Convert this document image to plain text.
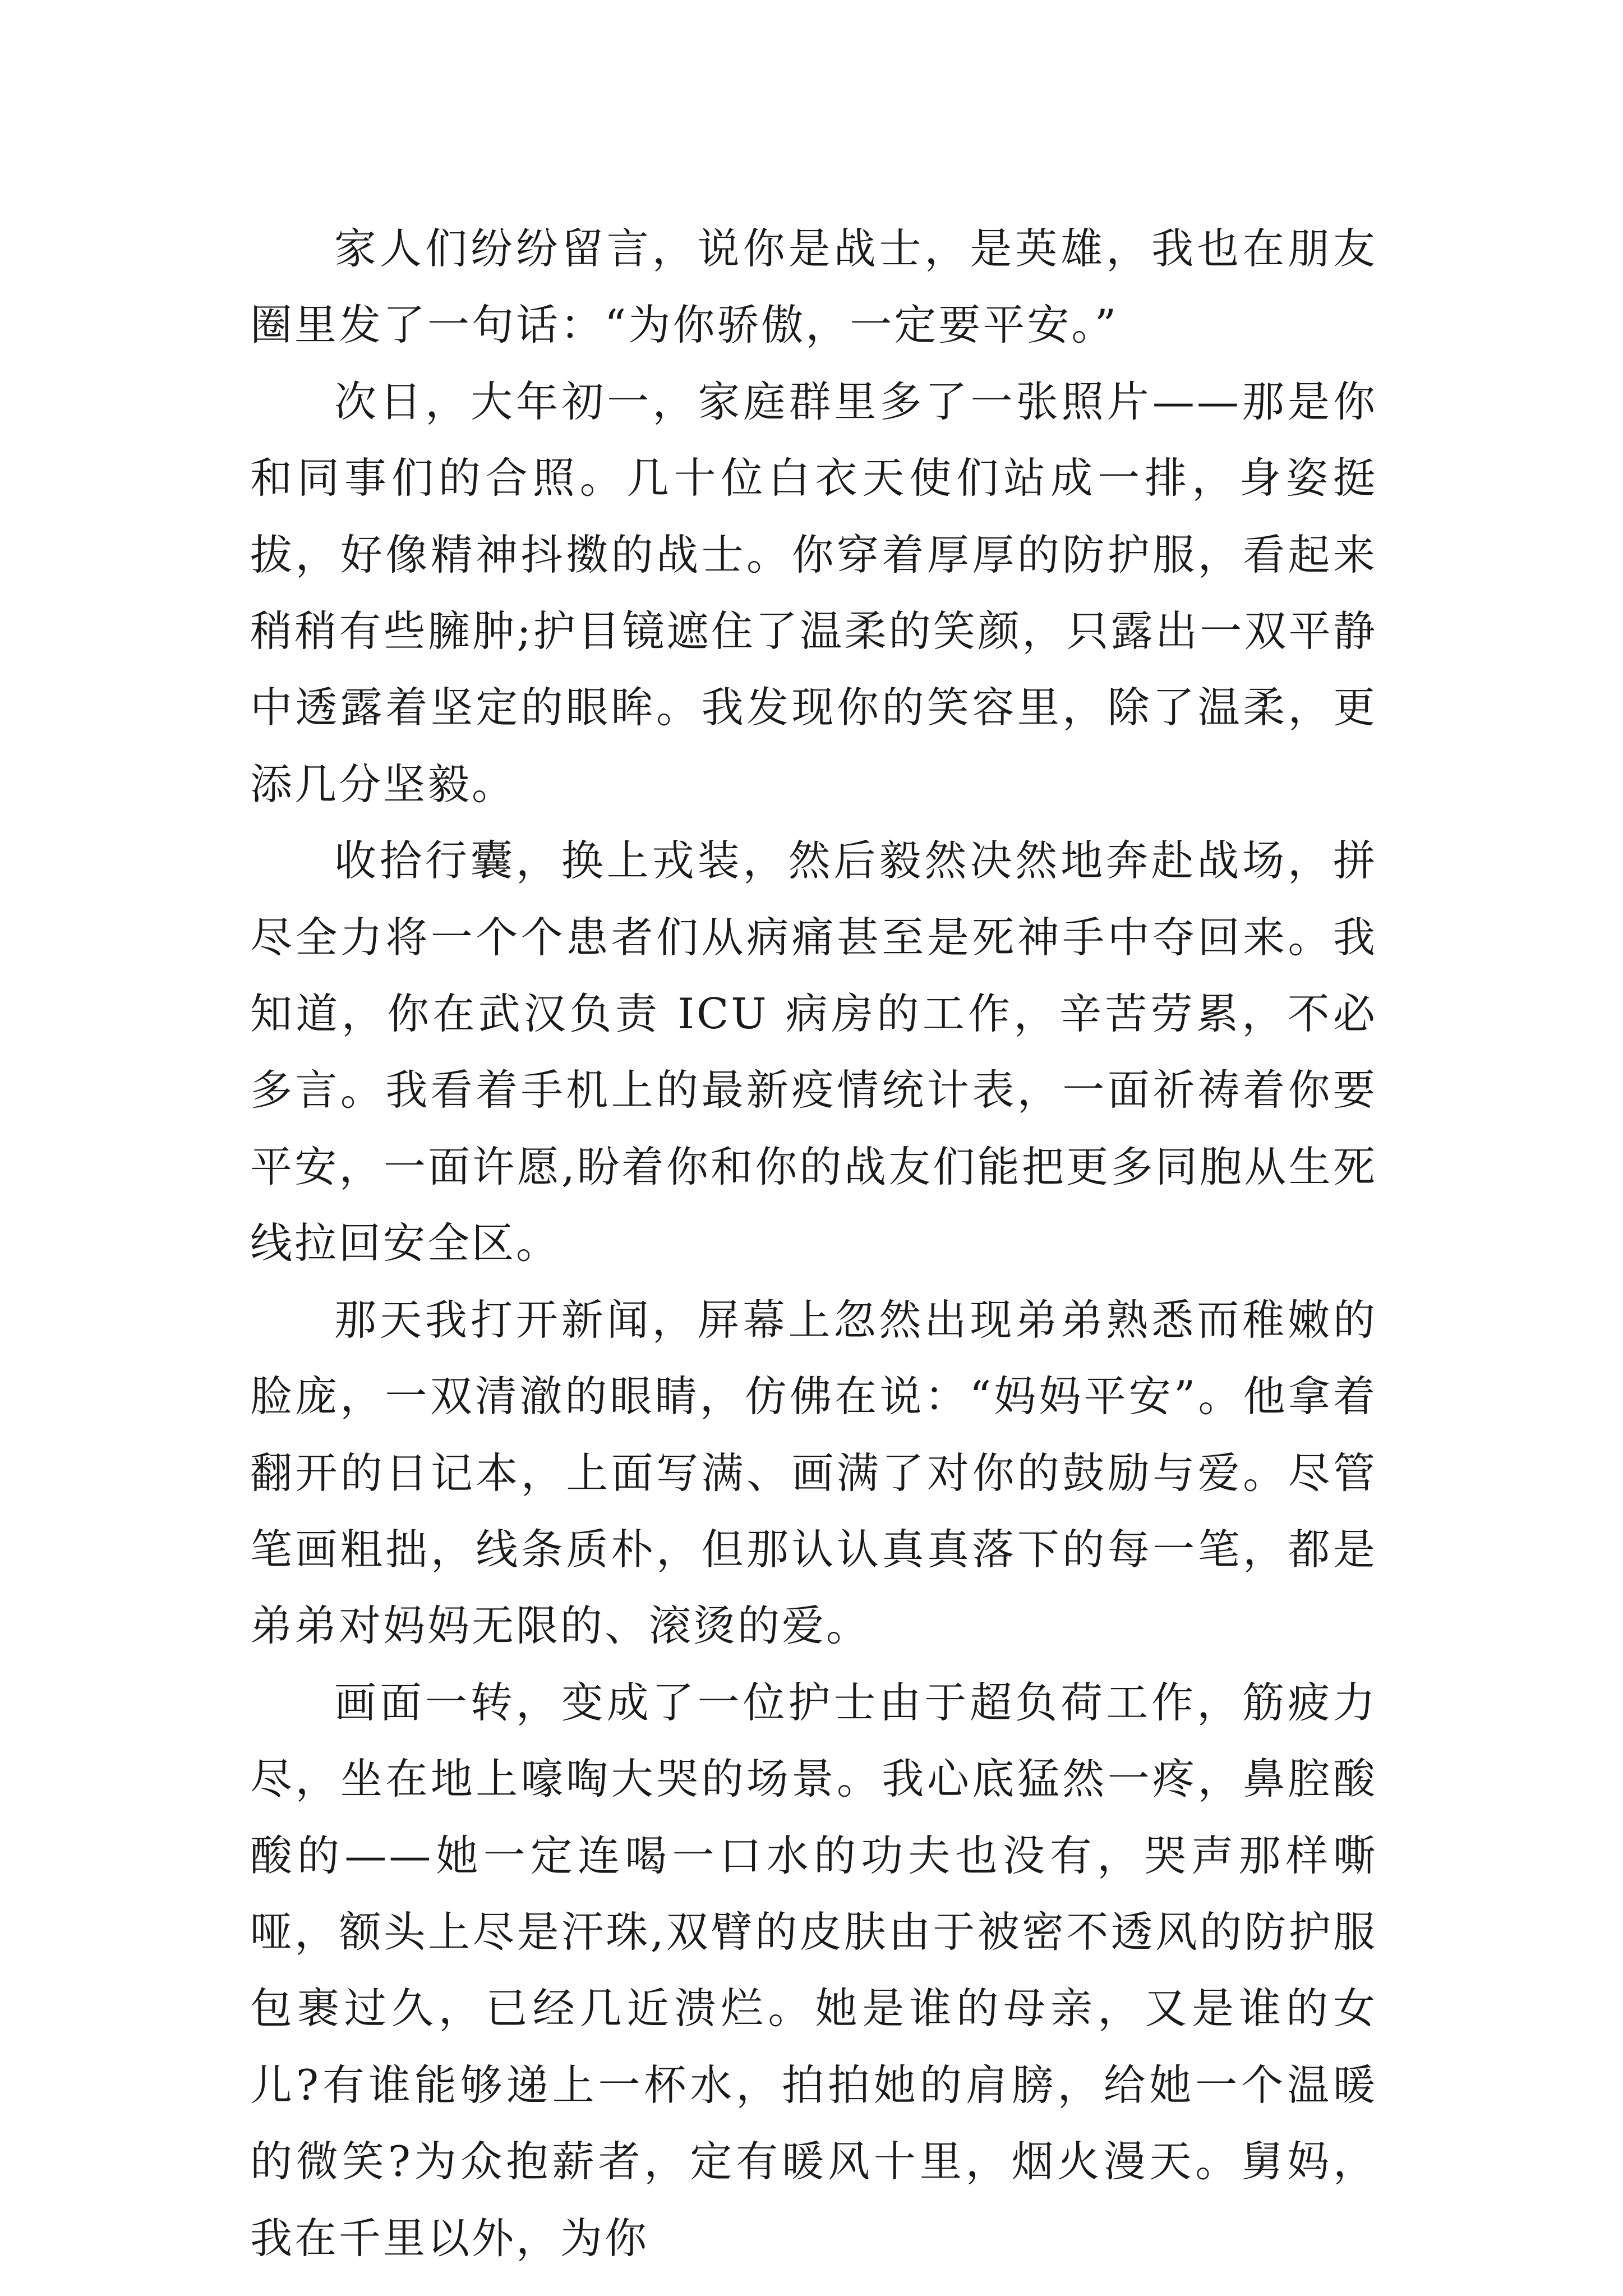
家人们纷纷留言，说你是战士，是英雄，我也在朋友圈里发了一句话：“为你骄傲，一定要平安。”

次日，大年初一，家庭群里多了一张照片——那是你和同事们的合照。几十位白衣天使们站成一排，身姿挺拔，好像精神抖擞的战士。你穿着厚厚的防护服，看起来稍稍有些臃肿;护目镜遮住了温柔的笑颜，只露出一双平静中透露着坚定的眼眸。我发现你的笑容里，除了温柔，更添几分坚毅。

收拾行囊，换上戎装，然后毅然决然地奔赴战场，拼尽全力将一个个患者们从病痛甚至是死神手中夺回来。我知道，你在武汉负责 ICU 病房的工作，辛苦劳累，不必多言。我看着手机上的最新疫情统计表，一面祈祷着你要平安，一面许愿,盼着你和你的战友们能把更多同胞从生死线拉回安全区。

那天我打开新闻，屏幕上忽然出现弟弟熟悉而稚嫩的脸庞，一双清澈的眼睛，仿佛在说：“妈妈平安”。他拿着翻开的日记本，上面写满、画满了对你的鼓励与爱。尽管笔画粗拙，线条质朴，但那认认真真落下的每一笔，都是弟弟对妈妈无限的、滚烫的爱。

画面一转，变成了一位护士由于超负荷工作，筋疲力尽，坐在地上嚎啕大哭的场景。我心底猛然一疼，鼻腔酸酸的——她一定连喝一口水的功夫也没有，哭声那样嘶哑，额头上尽是汗珠,双臂的皮肤由于被密不透风的防护服包裹过久，已经几近溃烂。她是谁的母亲，又是谁的女儿?有谁能够递上一杯水，拍拍她的肩膀，给她一个温暖的微笑?为众抱薪者，定有暖风十里，烟火漫天。舅妈，我在千里以外，为你
